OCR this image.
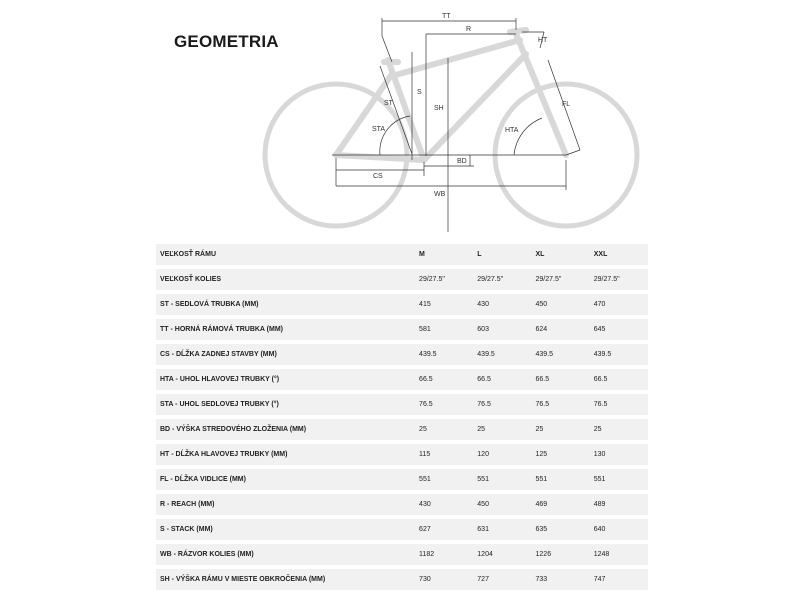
GEOMETRIA
TT
R
HT
FL
HTA
ST
STA
S
SH
BD
CS
WB
VEĽKOSŤ RÁMU	M	L	XL	XXL
VEĽKOSŤ KOLIES	29/27.5"	29/27.5"	29/27.5"	29/27.5"
ST - SEDLOVÁ TRUBKA (MM)	415	430	450	470
TT - HORNÁ RÁMOVÁ TRUBKA (MM)	581	603	624	645
CS - DĹŽKA ZADNEJ STAVBY (MM)	439.5	439.5	439.5	439.5
HTA - UHOL HLAVOVEJ TRUBKY (°)	66.5	66.5	66.5	66.5
STA - UHOL SEDLOVEJ TRUBKY (°)	76.5	76.5	76.5	76.5
BD - VÝŠKA STREDOVÉHO ZLOŽENIA (MM)	25	25	25	25
HT - DĹŽKA HLAVOVEJ TRUBKY (MM)	115	120	125	130
FL - DĹŽKA VIDLICE (MM)	551	551	551	551
R - REACH (MM)	430	450	469	489
S - STACK (MM)	627	631	635	640
WB - RÁZVOR KOLIES (MM)	1182	1204	1226	1248
SH - VÝŠKA RÁMU V MIESTE OBKROČENIA (MM)	730	727	733	747
